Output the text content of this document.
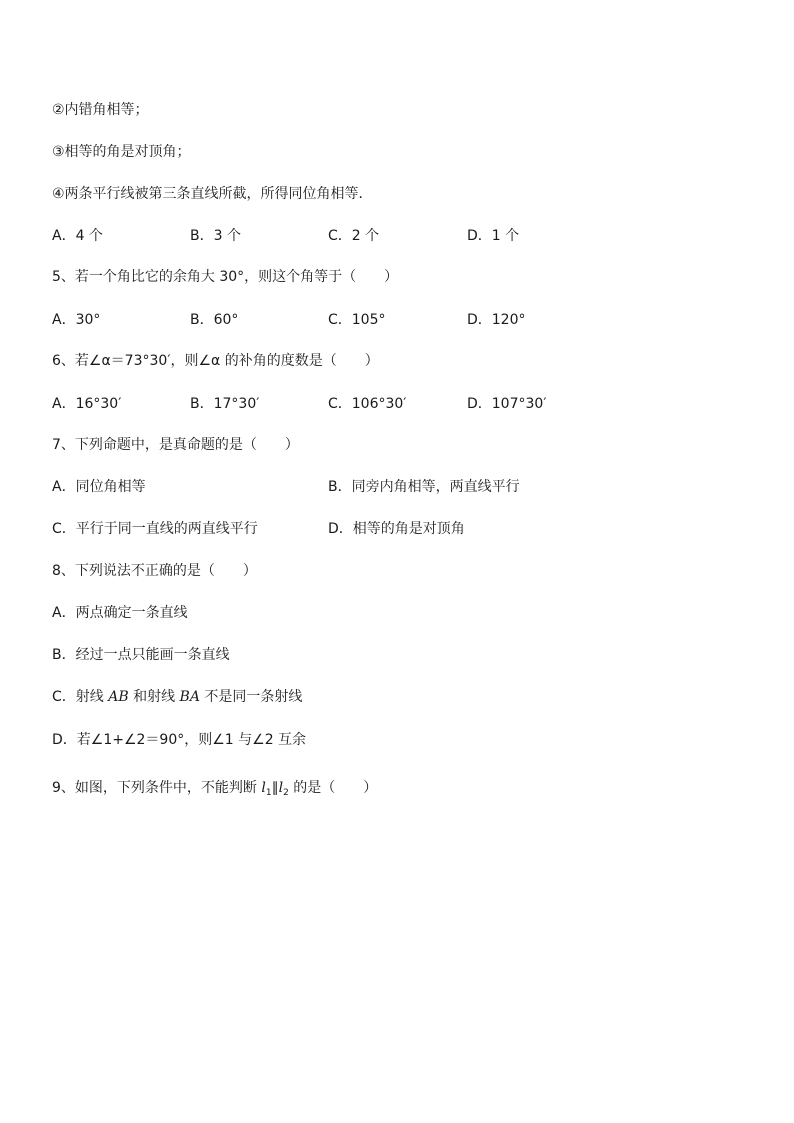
②内错角相等；
③相等的角是对顶角；
④两条平行线被第三条直线所截，所得同位角相等．
A．4 个	B．3 个	C．2 个	D．1 个
5、若一个角比它的余角大 30°，则这个角等于（　　）
A．30°	B．60°	C．105°	D．120°
6、若∠α＝73°30′，则∠α 的补角的度数是（　　）
A．16°30′	B．17°30′	C．106°30′	D．107°30′
7、下列命题中，是真命题的是（　　）
A．同位角相等	B．同旁内角相等，两直线平行
C．平行于同一直线的两直线平行	D．相等的角是对顶角
8、下列说法不正确的是（　　）
A．两点确定一条直线
B．经过一点只能画一条直线
C．射线 AB 和射线 BA 不是同一条射线
D．若∠1+∠2＝90°，则∠1 与∠2 互余
9、如图，下列条件中，不能判断 $l_1\parallel l_2$ 的是（　　）
